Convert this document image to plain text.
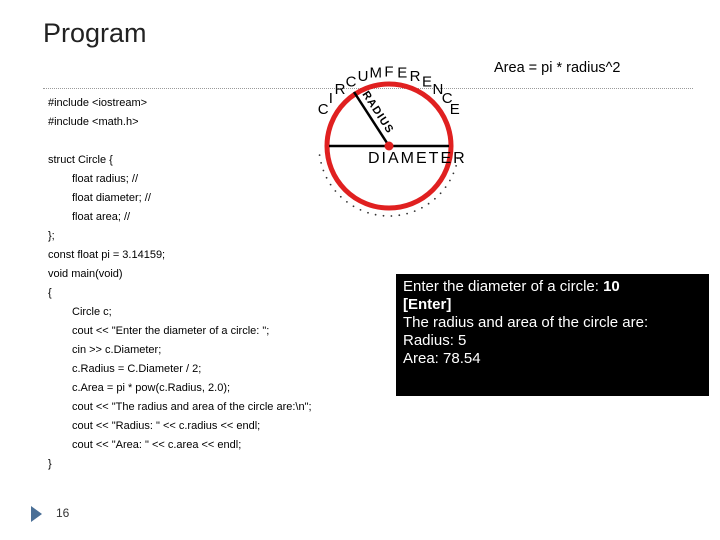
Program
#include <iostream>
#include <math.h>
struct Circle {
float radius; //
float diameter; //
float area; //
};
const float pi = 3.14159;
void main(void)
{
Circle c;
cout << "Enter the diameter of a circle: ";
cin >> c.Diameter;
c.Radius = C.Diameter / 2;
c.Area = pi * pow(c.Radius, 2.0);
cout << "The radius and area of the circle are:\n";
cout << "Radius: " << c.radius << endl;
cout << "Area: " << c.area << endl;
}
RADIUS
DIAMETER
C
I
R C U M F E R E N
C
E
Area = pi * radius^2
Enter the diameter of a circle: 10
[Enter]
The radius and area of the circle are:
Radius: 5
Area: 78.54
16
